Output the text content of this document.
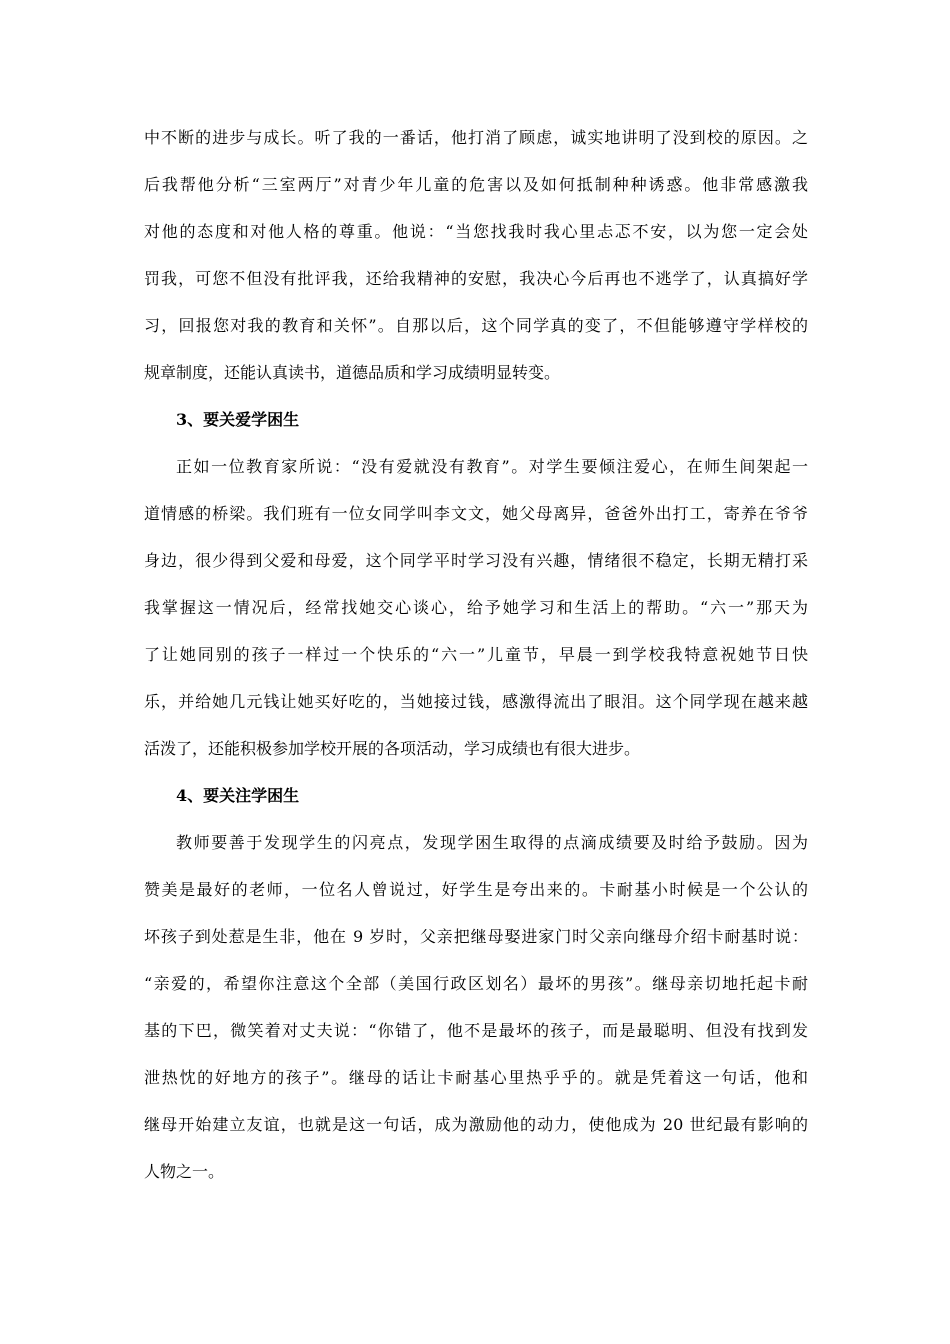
中不断的进步与成长。听了我的一番话，他打消了顾虑，诚实地讲明了没到校的原因。之
后我帮他分析“三室两厅”对青少年儿童的危害以及如何抵制种种诱惑。他非常感激我
对他的态度和对他人格的尊重。他说：“当您找我时我心里忐忑不安，以为您一定会处
罚我，可您不但没有批评我，还给我精神的安慰，我决心今后再也不逃学了，认真搞好学
习，回报您对我的教育和关怀”。自那以后，这个同学真的变了，不但能够遵守学样校的
规章制度，还能认真读书，道德品质和学习成绩明显转变。
3、要关爱学困生
正如一位教育家所说：“没有爱就没有教育”。对学生要倾注爱心，在师生间架起一
道情感的桥梁。我们班有一位女同学叫李文文，她父母离异，爸爸外出打工，寄养在爷爷
身边，很少得到父爱和母爱，这个同学平时学习没有兴趣，情绪很不稳定，长期无精打采
我掌握这一情况后，经常找她交心谈心，给予她学习和生活上的帮助。“六一”那天为
了让她同别的孩子一样过一个快乐的“六一”儿童节，早晨一到学校我特意祝她节日快
乐，并给她几元钱让她买好吃的，当她接过钱，感激得流出了眼泪。这个同学现在越来越
活泼了，还能积极参加学校开展的各项活动，学习成绩也有很大进步。
4、要关注学困生
教师要善于发现学生的闪亮点，发现学困生取得的点滴成绩要及时给予鼓励。因为
赞美是最好的老师，一位名人曾说过，好学生是夸出来的。卡耐基小时候是一个公认的
坏孩子到处惹是生非，他在 9 岁时，父亲把继母娶进家门时父亲向继母介绍卡耐基时说：
“亲爱的，希望你注意这个全部（美国行政区划名）最坏的男孩”。继母亲切地托起卡耐
基的下巴，微笑着对丈夫说：“你错了，他不是最坏的孩子，而是最聪明、但没有找到发
泄热忱的好地方的孩子”。继母的话让卡耐基心里热乎乎的。就是凭着这一句话，他和
继母开始建立友谊，也就是这一句话，成为激励他的动力，使他成为 20 世纪最有影响的
人物之一。
